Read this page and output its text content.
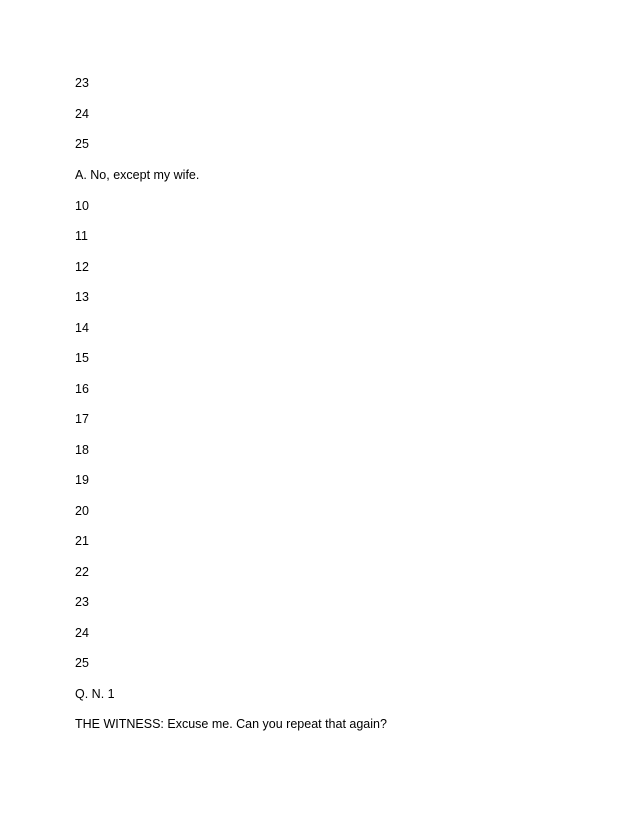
23
24
25
A. No, except my wife.
10
11
12
13
14
15
16
17
18
19
20
21
22
23
24
25
Q. N. 1
THE WITNESS: Excuse me. Can you repeat that again?
